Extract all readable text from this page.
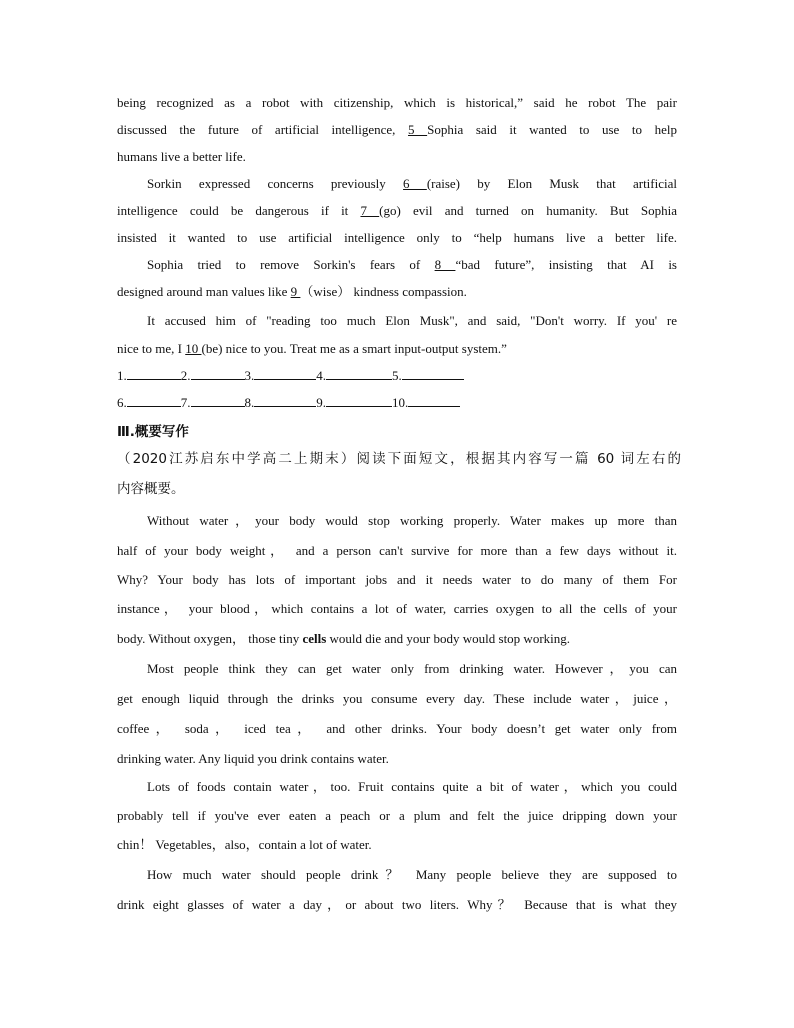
being recognized as a robot with citizenship, which is historical,” said he robot The pair
discussed the future of artificial intelligence, 5 Sophia said it wanted to use to help
humans live a better life.
Sorkin expressed concerns previously 6 (raise) by Elon Musk that artificial
intelligence could be dangerous if it 7 (go) evil and turned on humanity. But Sophia
insisted it wanted to use artificial intelligence only to “help humans live a better life.
Sophia tried to remove Sorkin's fears of 8 “bad future”, insisting that AI is
designed around man values like 9 （wise） kindness compassion.
It accused him of "reading too much Elon Musk", and said, "Don't worry. If you' re
nice to me, I 10 (be) nice to you. Treat me as a smart input-output system.”
1.	2.	3.	4.	5.
6.	7.	8.	9.	10.
Ⅲ.概要写作
（2020江苏启东中学高二上期末）阅读下面短文，根据其内容写一篇 60 词左右的
内容概要。
Without water，your body would stop working properly. Water makes up more than
half of your body weight， and a person can't survive for more than a few days without it.
Why? Your body has lots of important jobs and it needs water to do many of them For
instance， your blood，which contains a lot of water, carries oxygen to all the cells of your
body. Without oxygen， those tiny cells would die and your body would stop working.
Most people think they can get water only from drinking water. However，you can
get enough liquid through the drinks you consume every day. These include water，juice，
coffee， soda， iced tea， and other drinks. Your body doesn’t get water only from
drinking water. Any liquid you drink contains water.
Lots of foods contain water，too. Fruit contains quite a bit of water，which you could
probably tell if you've ever eaten a peach or a plum and felt the juice dripping down your
chin！ Vegetables，also，contain a lot of water.
How much water should people drink？ Many people believe they are supposed to
drink eight glasses of water a day，or about two liters. Why？ Because that is what they
